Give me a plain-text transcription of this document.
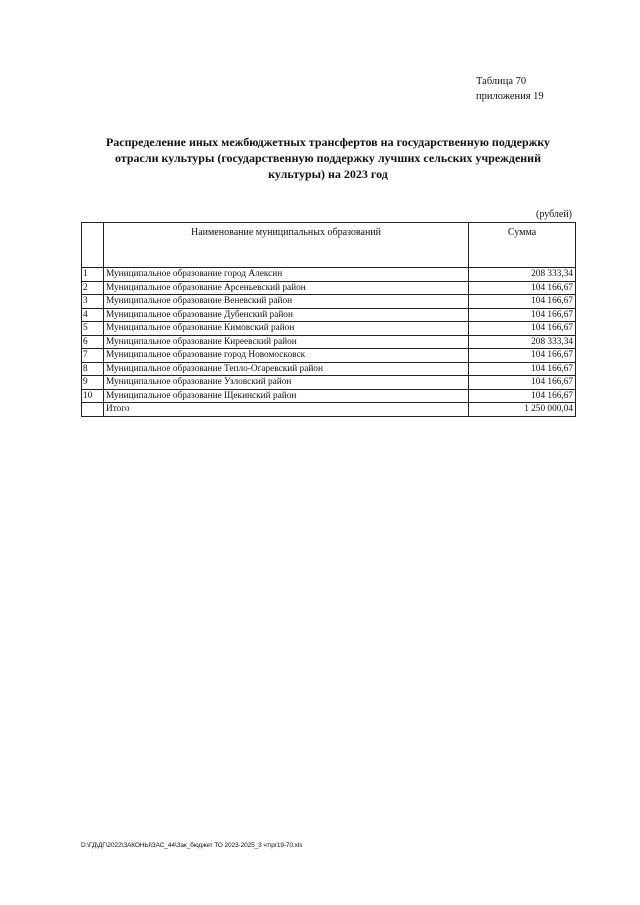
Таблица 70
приложения 19
Распределение иных межбюджетных трансфертов на государственную поддержку
отрасли культуры (государственную поддержку лучших сельских учреждений
культуры) на 2023 год
(рублей)
	Наименование муниципальных образований	Сумма
1	Муниципальное образование город Алексин	208 333,34
2	Муниципальное образование Арсеньевский район	104 166,67
3	Муниципальное образование Веневский район	104 166,67
4	Муниципальное образование Дубенский район	104 166,67
5	Муниципальное образование Кимовский район	104 166,67
6	Муниципальное образование Киреевский район	208 333,34
7	Муниципальное образование город Новомосковск	104 166,67
8	Муниципальное образование Тепло-Огаревский район	104 166,67
9	Муниципальное образование Узловский район	104 166,67
10	Муниципальное образование Щекинский район	104 166,67
	Итого	1 250 000,04
D:\ГД\ДГ\2022\ЗАКОНЫ\ЗАС_44\Зак_бюджет ТО 2023-2025_3 чт\pr19-70.xls
